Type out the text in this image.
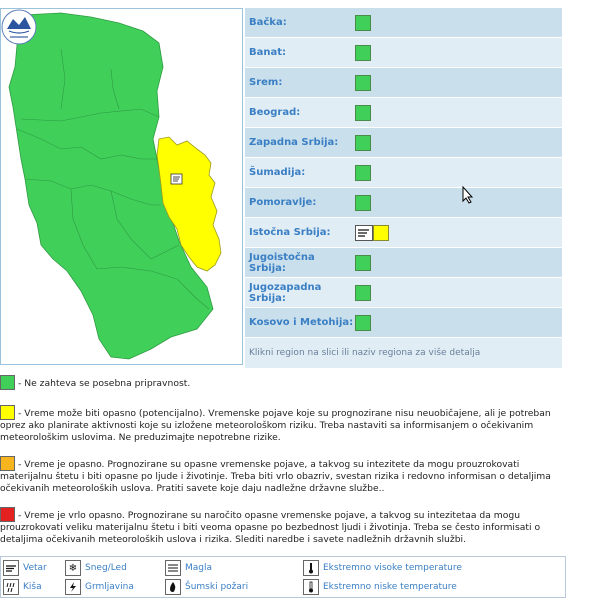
Bačka:
Banat:
Srem:
Beograd:
Zapadna Srbija:
Šumadija:
Pomoravlje:
Istočna Srbija:
Jugoistočna Srbija:
Jugozapadna Srbija:
Kosovo i Metohija:
Klikni region na slici ili naziv regiona za više detalja
- Ne zahteva se posebna pripravnost.
- Vreme može biti opasno (potencijalno). Vremenske pojave koje su prognozirane nisu neuobičajene, ali je potreban oprez ako planirate aktivnosti koje su izložene meteorološkom riziku. Treba nastaviti sa informisanjem o očekivanim meteorološkim uslovima. Ne preduzimajte nepotrebne rizike.
- Vreme je opasno. Prognozirane su opasne vremenske pojave, a takvog su intezitete da mogu prouzrokovati materijalnu štetu i biti opasne po ljude i životinje. Treba biti vrlo obazriv, svestan rizika i redovno informisan o detaljima očekivanih meteoroloških uslova. Pratiti savete koje daju nadležne državne službe..
- Vreme je vrlo opasno. Prognozirane su naročito opasne vremenske pojave, a takvog su intezitetaa da mogu prouzrokovati veliku materijalnu štetu i biti veoma opasne po bezbednost ljudi i životinja. Treba se često informisati o detaljima očekivanih meteoroloških uslova i rizika. Slediti naredbe i savete nadležnih državnih službi.
Vetar
Kiša
❄ Sneg/Led
Grmljavina
Magla
Šumski požari
Ekstremno visoke temperature
Ekstremno niske temperature
